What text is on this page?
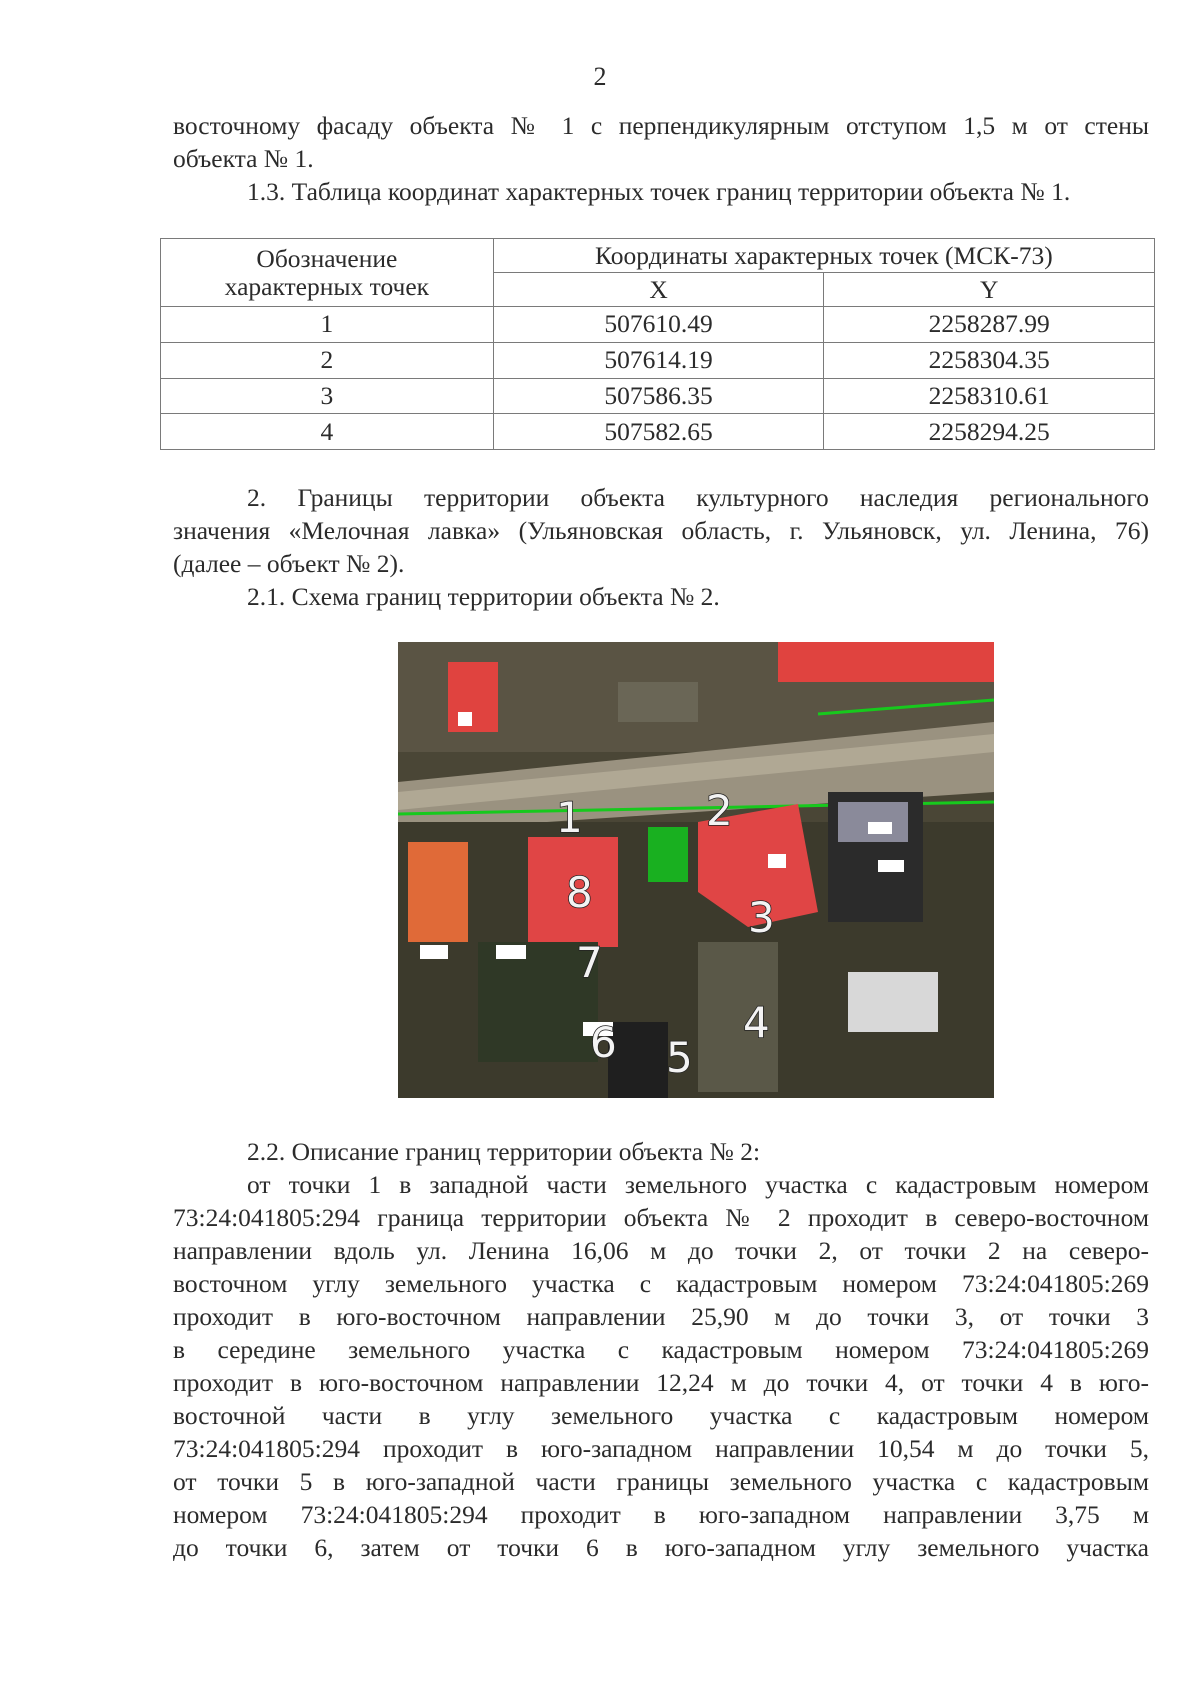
2

восточному фасаду объекта № 1 с перпендикулярным отступом 1,5 м от стены

объекта № 1.

1.3. Таблица координат характерных точек границ территории объекта № 1.

Обозначение
характерных точек	Координаты характерных точек (МСК-73)	
	X	Y
1	507610.49	2258287.99
2	507614.19	2258304.35
3	507586.35	2258310.61
4	507582.65	2258294.25

2. Границы территории объекта культурного наследия регионального

значения «Мелочная лавка» (Ульяновская область, г. Ульяновск, ул. Ленина, 76)

(далее – объект № 2).

2.1. Схема границ территории объекта № 2.

1	2
3
4
5
6
7
8

2.2. Описание границ территории объекта № 2:

от точки 1 в западной части земельного участка с кадастровым номером

73:24:041805:294 граница территории объекта № 2 проходит в северо-восточном

направлении вдоль ул. Ленина 16,06 м до точки 2, от точки 2 на северо-

восточном углу земельного участка с кадастровым номером 73:24:041805:269

проходит в юго-восточном направлении 25,90 м до точки 3, от точки 3

в середине земельного участка с кадастровым номером 73:24:041805:269

проходит в юго-восточном направлении 12,24 м до точки 4, от точки 4 в юго-

восточной части в углу земельного участка с кадастровым номером

73:24:041805:294 проходит в юго-западном направлении 10,54 м до точки 5,

от точки 5 в юго-западной части границы земельного участка с кадастровым

номером 73:24:041805:294 проходит в юго-западном направлении 3,75 м

до точки 6, затем от точки 6 в юго-западном углу земельного участка
